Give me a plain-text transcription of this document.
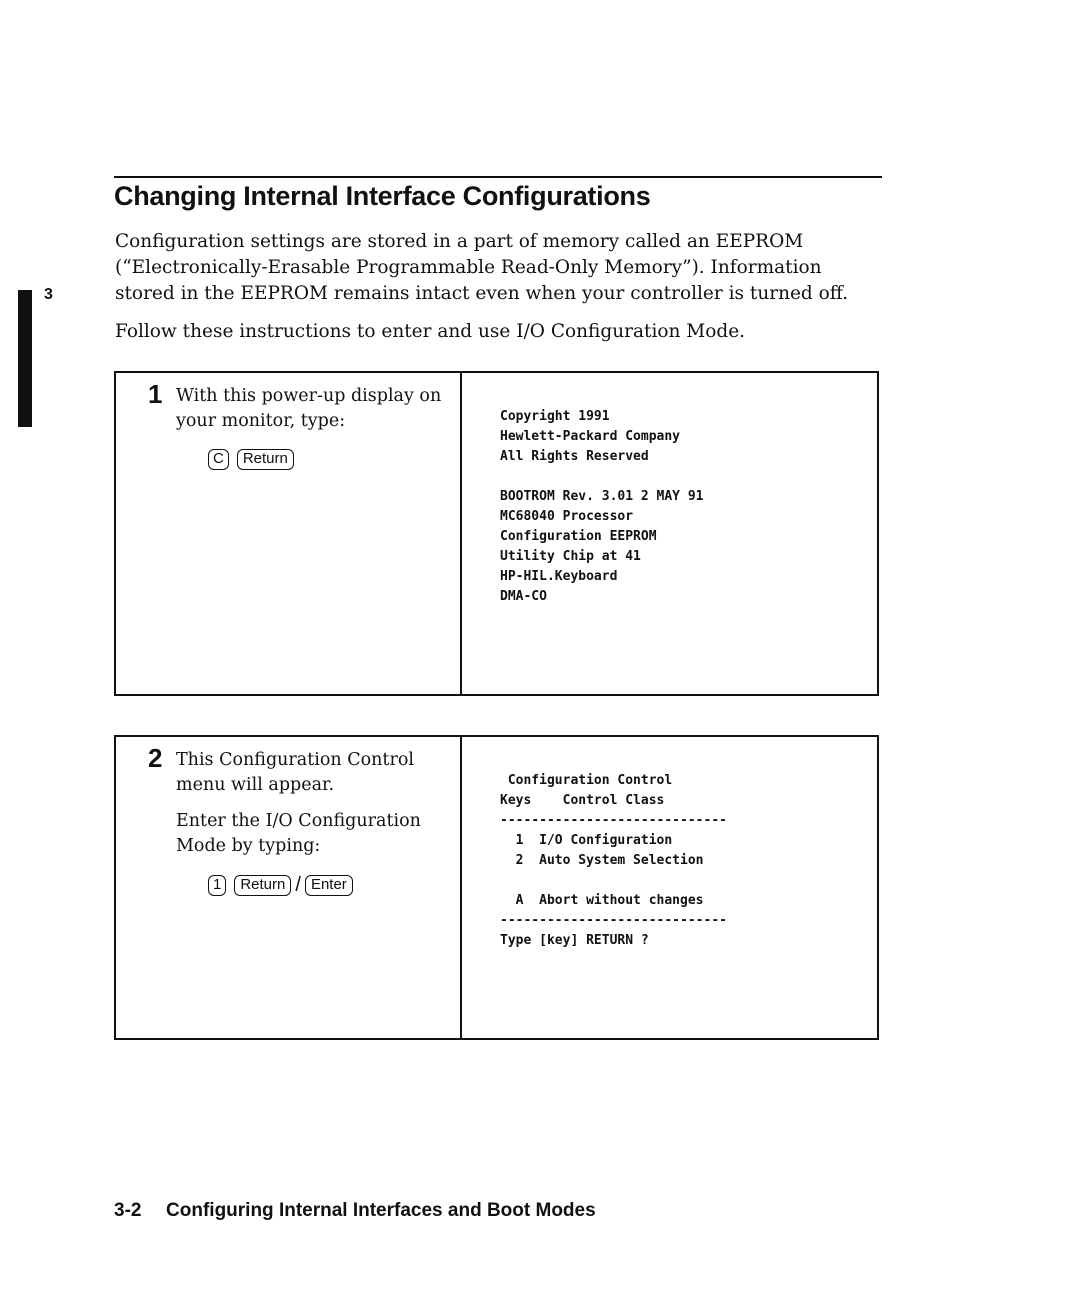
Changing Internal Interface Configurations
3

Configuration settings are stored in a part of memory called an EEPROM (“Electronically-Erasable Programmable Read-Only Memory”). Information stored in the EEPROM remains intact even when your controller is turned off.

Follow these instructions to enter and use I/O Configuration Mode.

1 With this power-up display on your monitor, type:

C	Return
Copyright 1991
Hewlett-Packard Company
All Rights Reserved

BOOTROM Rev. 3.01 2 MAY 91
MC68040 Processor
Configuration EEPROM
Utility Chip at 41
HP-HIL.Keyboard
DMA-CO
2 This Configuration Control menu will appear.

Enter the I/O Configuration Mode by typing:

1	Return / Enter
Configuration Control
Keys    Control Class
-----------------------------
1  I/O Configuration
2  Auto System Selection

A  Abort without changes
-----------------------------
Type [key] RETURN ?
3-2 Configuring Internal Interfaces and Boot Modes
